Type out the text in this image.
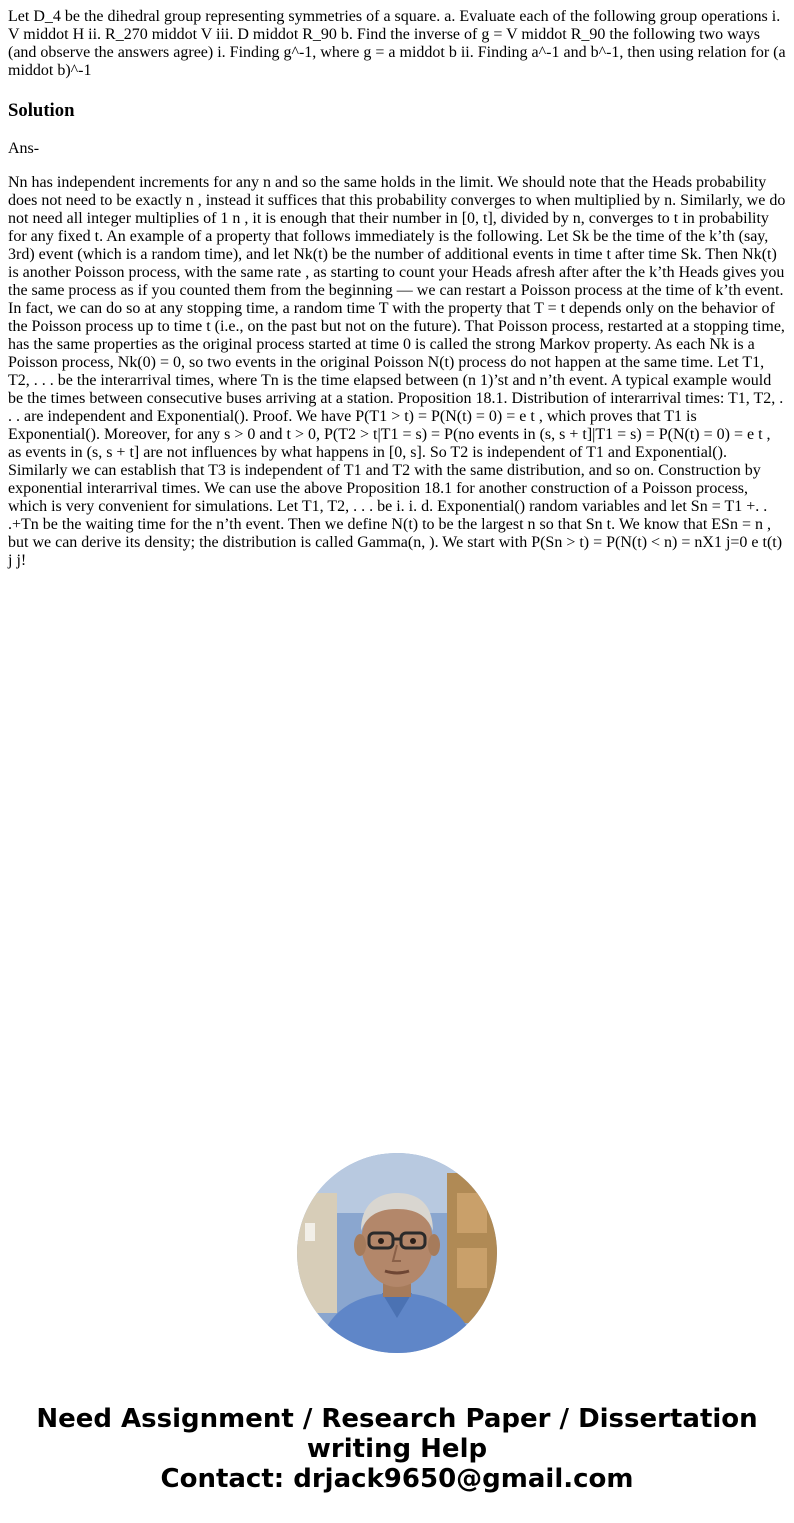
Let D_4 be the dihedral group representing symmetries of a square. a. Evaluate each of the following group operations i. V middot H ii. R_270 middot V iii. D middot R_90 b. Find the inverse of g = V middot R_90 the following two ways (and observe the answers agree) i. Finding g^-1, where g = a middot b ii. Finding a^-1 and b^-1, then using relation for (a middot b)^-1

Solution

Ans-

Nn has independent increments for any n and so the same holds in the limit. We should note that the Heads probability does not need to be exactly n , instead it suffices that this probability converges to when multiplied by n. Similarly, we do not need all integer multiplies of 1 n , it is enough that their number in [0, t], divided by n, converges to t in probability for any fixed t. An example of a property that follows immediately is the following. Let Sk be the time of the k’th (say, 3rd) event (which is a random time), and let Nk(t) be the number of additional events in time t after time Sk. Then Nk(t) is another Poisson process, with the same rate , as starting to count your Heads afresh after after the k’th Heads gives you the same process as if you counted them from the beginning — we can restart a Poisson process at the time of k’th event. In fact, we can do so at any stopping time, a random time T with the property that T = t depends only on the behavior of the Poisson process up to time t (i.e., on the past but not on the future). That Poisson process, restarted at a stopping time, has the same properties as the original process started at time 0 is called the strong Markov property. As each Nk is a Poisson process, Nk(0) = 0, so two events in the original Poisson N(t) process do not happen at the same time. Let T1, T2, . . . be the interarrival times, where Tn is the time elapsed between (n 1)’st and n’th event. A typical example would be the times between consecutive buses arriving at a station. Proposition 18.1. Distribution of interarrival times: T1, T2, . . . are independent and Exponential(). Proof. We have P(T1 > t) = P(N(t) = 0) = e t , which proves that T1 is Exponential(). Moreover, for any s > 0 and t > 0, P(T2 > t|T1 = s) = P(no events in (s, s + t]|T1 = s) = P(N(t) = 0) = e t , as events in (s, s + t] are not influences by what happens in [0, s]. So T2 is independent of T1 and Exponential(). Similarly we can establish that T3 is independent of T1 and T2 with the same distribution, and so on. Construction by exponential interarrival times. We can use the above Proposition 18.1 for another construction of a Poisson process, which is very convenient for simulations. Let T1, T2, . . . be i. i. d. Exponential() random variables and let Sn = T1 +. . .+Tn be the waiting time for the n’th event. Then we define N(t) to be the largest n so that Sn t. We know that ESn = n , but we can derive its density; the distribution is called Gamma(n, ). We start with P(Sn > t) = P(N(t) < n) = nX1 j=0 e t(t) j j!

Need Assignment / Research Paper / Dissertation
writing Help
Contact: drjack9650@gmail.com
